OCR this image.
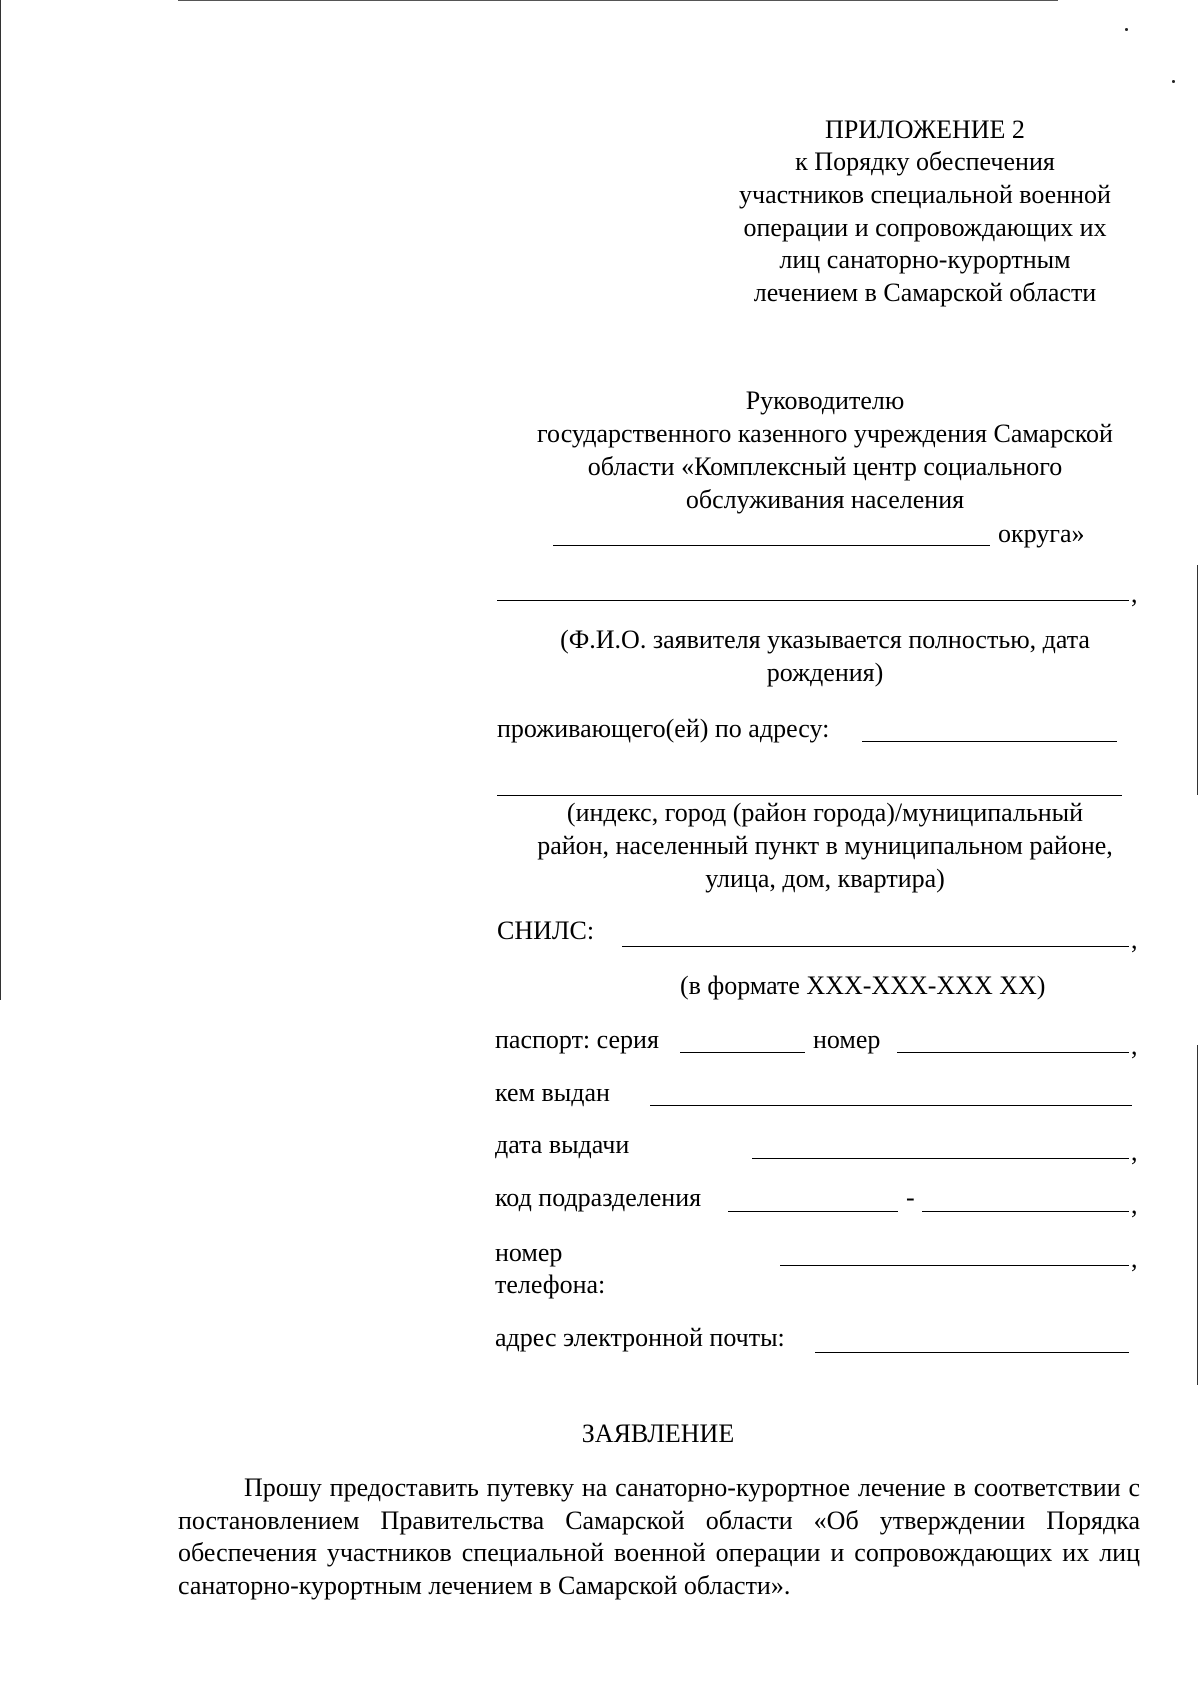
ПРИЛОЖЕНИЕ 2
к Порядку обеспечения
участников специальной военной
операции и сопровождающих их
лиц санаторно-курортным
лечением в Самарской области
Руководителю
государственного казенного учреждения Самарской
области «Комплексный центр социального
обслуживания населения
округа»
,
(Ф.И.О. заявителя указывается полностью, дата
рождения)
проживающего(ей) по адресу:
(индекс, город (район города)/муниципальный
район, населенный пункт в муниципальном районе,
улица, дом, квартира)
СНИЛС:	,
(в формате XXX-XXX-XXX XX)
паспорт: серия	номер	,
кем выдан
дата выдачи	,
код подразделения	-	,
номер
телефона:
,
адрес электронной почты:
ЗАЯВЛЕНИЕ
Прошу предоставить путевку на санаторно-курортное лечение в соответствии с постановлением Правительства Самарской области «Об утверждении Порядка обеспечения участников специальной военной операции и сопровождающих их лиц санаторно-курортным лечением в Самарской области».
